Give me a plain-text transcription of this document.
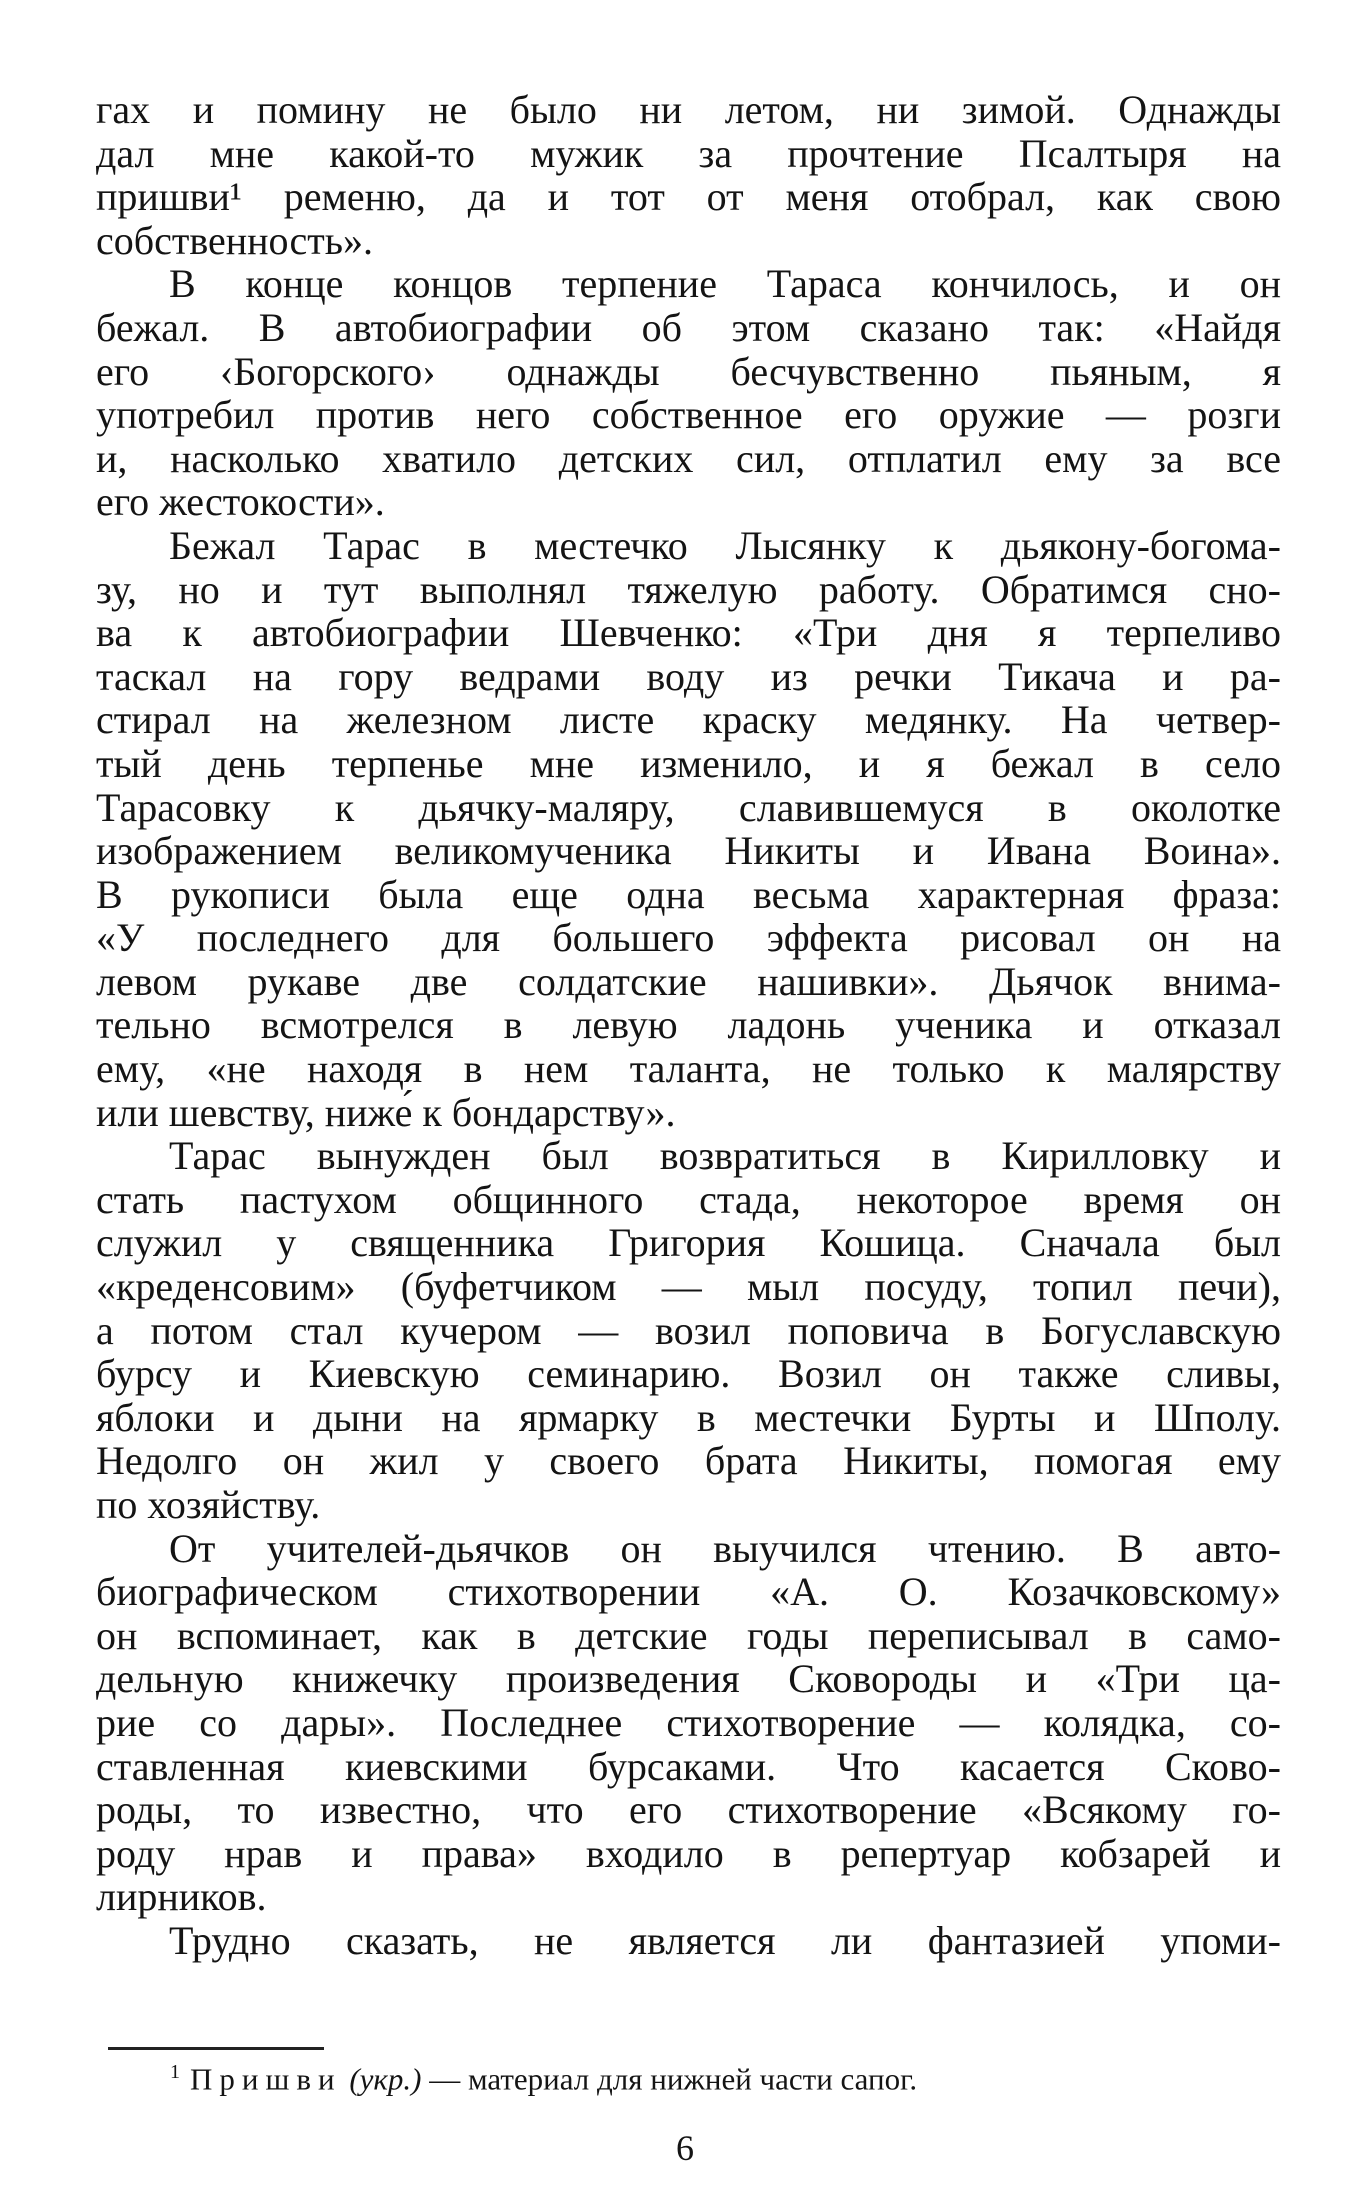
гах и помину не было ни летом, ни зимой. Однажды
дал мне какой-то мужик за прочтение Псалтыря на
пришви¹ ременю, да и тот от меня отобрал, как свою
собственность».
В конце концов терпение Тараса кончилось, и он
бежал. В автобиографии об этом сказано так: «Найдя
его ‹Богорского› однажды бесчувственно пьяным, я
употребил против него собственное его оружие — розги
и, насколько хватило детских сил, отплатил ему за все
его жестокости».
Бежал Тарас в местечко Лысянку к дьякону-богома-
зу, но и тут выполнял тяжелую работу. Обратимся сно-
ва к автобиографии Шевченко: «Три дня я терпеливо
таскал на гору ведрами воду из речки Тикача и ра-
стирал на железном листе краску медянку. На четвер-
тый день терпенье мне изменило, и я бежал в село
Тарасовку к дьячку-маляру, славившемуся в околотке
изображением великомученика Никиты и Ивана Воина».
В рукописи была еще одна весьма характерная фраза:
«У последнего для большего эффекта рисовал он на
левом рукаве две солдатские нашивки». Дьячок внима-
тельно всмотрелся в левую ладонь ученика и отказал
ему, «не находя в нем таланта, не только к малярству
или шевству, ниже́ к бондарству».
Тарас вынужден был возвратиться в Кирилловку и
стать пастухом общинного стада, некоторое время он
служил у священника Григория Кошица. Сначала был
«креденсовим» (буфетчиком — мыл посуду, топил печи),
а потом стал кучером — возил поповича в Богуславскую
бурсу и Киевскую семинарию. Возил он также сливы,
яблоки и дыни на ярмарку в местечки Бурты и Шполу.
Недолго он жил у своего брата Никиты, помогая ему
по хозяйству.
От учителей-дьячков он выучился чтению. В авто-
биографическом стихотворении «А. О. Козачковскому»
он вспоминает, как в детские годы переписывал в само-
дельную книжечку произведения Сковороды и «Три ца-
рие со дары». Последнее стихотворение — колядка, со-
ставленная киевскими бурсаками. Что касается Сково-
роды, то известно, что его стихотворение «Всякому го-
роду нрав и права» входило в репертуар кобзарей и
лирников.
Трудно сказать, не является ли фантазией упоми-
$^1$ Пришви (укр.) — материал для нижней части сапог.
6
